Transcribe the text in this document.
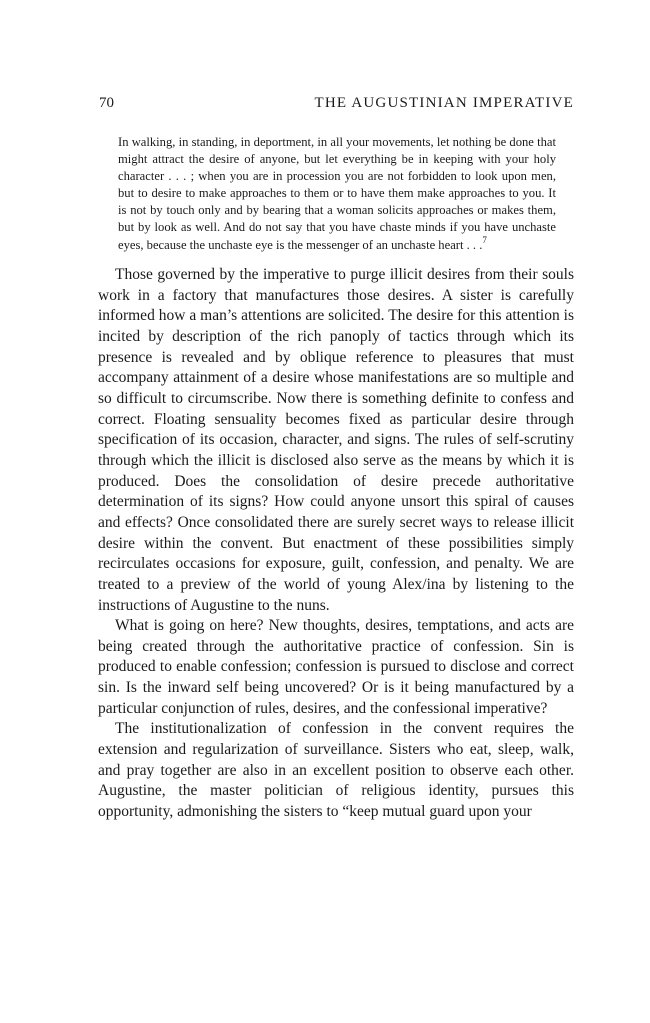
70	THE AUGUSTINIAN IMPERATIVE

In walking, in standing, in deportment, in all your movements, let nothing be done that might attract the desire of anyone, but let everything be in keeping with your holy character . . . ; when you are in procession you are not forbidden to look upon men, but to desire to make approaches to them or to have them make approaches to you. It is not by touch only and by bearing that a woman solicits approaches or makes them, but by look as well. And do not say that you have chaste minds if you have unchaste eyes, because the unchaste eye is the messenger of an unchaste heart . . .$^7$

Those governed by the imperative to purge illicit desires from their souls work in a factory that manufactures those desires. A sister is carefully informed how a man’s attentions are solicited. The desire for this attention is incited by description of the rich panoply of tactics through which its presence is revealed and by oblique reference to pleasures that must accompany attainment of a desire whose manifestations are so multiple and so difficult to circumscribe. Now there is something definite to confess and correct. Floating sensuality becomes fixed as particular desire through specification of its occasion, character, and signs. The rules of self-scrutiny through which the illicit is disclosed also serve as the means by which it is produced. Does the consolidation of desire precede authoritative determination of its signs? How could anyone unsort this spiral of causes and effects? Once consolidated there are surely secret ways to release illicit desire within the convent. But enactment of these possibilities simply recirculates occasions for exposure, guilt, confession, and penalty. We are treated to a preview of the world of young Alex/ina by listening to the instructions of Augustine to the nuns.

What is going on here? New thoughts, desires, temptations, and acts are being created through the authoritative practice of confession. Sin is produced to enable confession; confession is pursued to disclose and correct sin. Is the inward self being uncovered? Or is it being manufactured by a particular conjunction of rules, desires, and the confessional imperative?

The institutionalization of confession in the convent requires the extension and regularization of surveillance. Sisters who eat, sleep, walk, and pray together are also in an excellent position to observe each other. Augustine, the master politician of religious identity, pursues this opportunity, admonishing the sisters to “keep mutual guard upon your
